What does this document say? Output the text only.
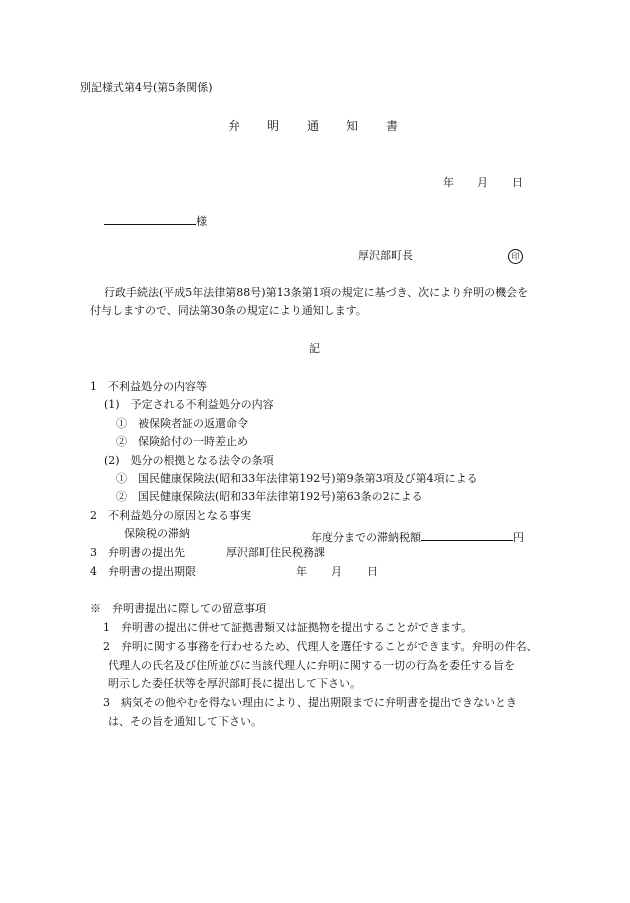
別記様式第4号(第5条関係)
弁 明 通 知 書
年 月 日
様
厚沢部町長	印
行政手続法(平成5年法律第88号)第13条第1項の規定に基づき、次により弁明の機会を
付与しますので、同法第30条の規定により通知します。
記
1　不利益処分の内容等
(1)　予定される不利益処分の内容
①　被保険者証の返還命令
②　保険給付の一時差止め
(2)　処分の根拠となる法令の条項
①　国民健康保険法(昭和33年法律第192号)第9条第3項及び第4項による
②　国民健康保険法(昭和33年法律第192号)第63条の2による
2　不利益処分の原因となる事実
保険税の滞納	年度分までの滞納税額	円
3　弁明書の提出先	厚沢部町住民税務課
4　弁明書の提出期限	年 月 日
※　弁明書提出に際しての留意事項
1　弁明書の提出に併せて証拠書類又は証拠物を提出することができます。
2　弁明に関する事務を行わせるため、代理人を選任することができます。弁明の件名、
代理人の氏名及び住所並びに当該代理人に弁明に関する一切の行為を委任する旨を
明示した委任状等を厚沢部町長に提出して下さい。
3　病気その他やむを得ない理由により、提出期限までに弁明書を提出できないとき
は、その旨を通知して下さい。
